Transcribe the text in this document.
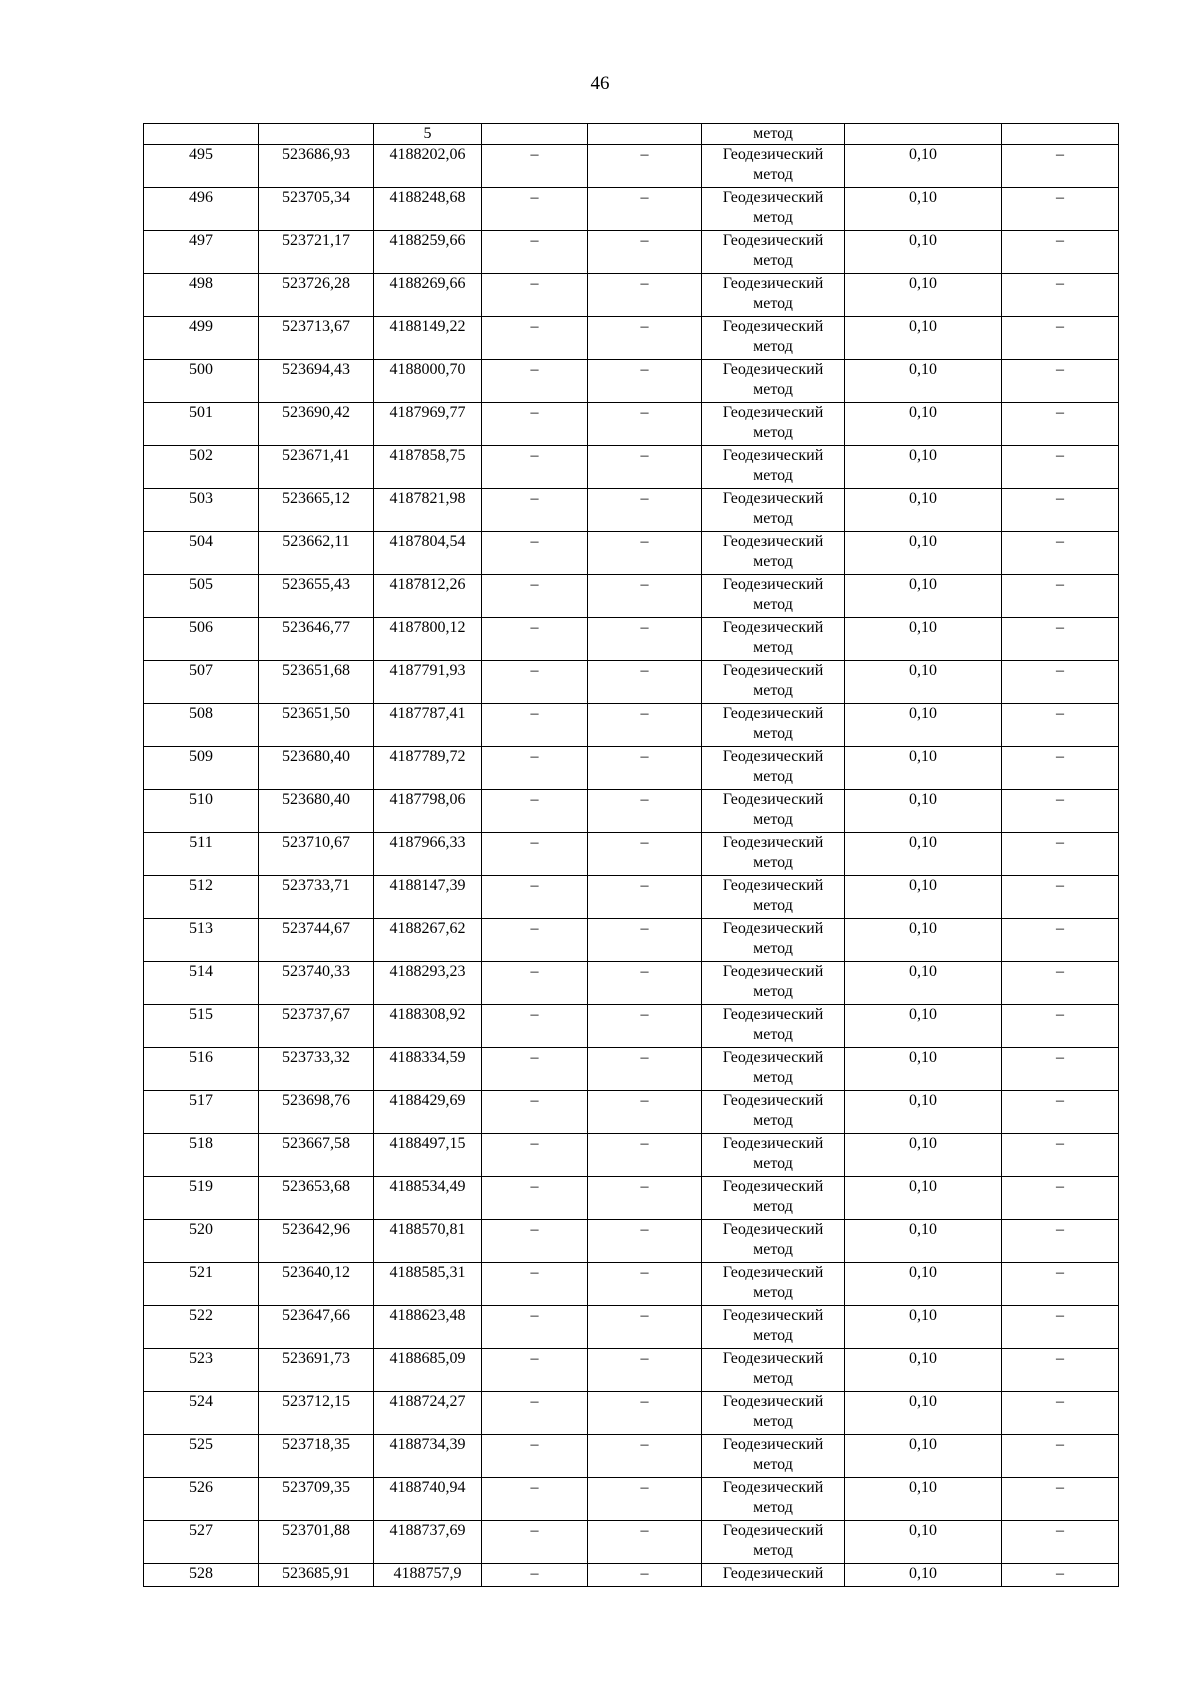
46
		5			метод		
495	523686,93	4188202,06	–	–	Геодезический метод	0,10	–
496	523705,34	4188248,68	–	–	Геодезический метод	0,10	–
497	523721,17	4188259,66	–	–	Геодезический метод	0,10	–
498	523726,28	4188269,66	–	–	Геодезический метод	0,10	–
499	523713,67	4188149,22	–	–	Геодезический метод	0,10	–
500	523694,43	4188000,70	–	–	Геодезический метод	0,10	–
501	523690,42	4187969,77	–	–	Геодезический метод	0,10	–
502	523671,41	4187858,75	–	–	Геодезический метод	0,10	–
503	523665,12	4187821,98	–	–	Геодезический метод	0,10	–
504	523662,11	4187804,54	–	–	Геодезический метод	0,10	–
505	523655,43	4187812,26	–	–	Геодезический метод	0,10	–
506	523646,77	4187800,12	–	–	Геодезический метод	0,10	–
507	523651,68	4187791,93	–	–	Геодезический метод	0,10	–
508	523651,50	4187787,41	–	–	Геодезический метод	0,10	–
509	523680,40	4187789,72	–	–	Геодезический метод	0,10	–
510	523680,40	4187798,06	–	–	Геодезический метод	0,10	–
511	523710,67	4187966,33	–	–	Геодезический метод	0,10	–
512	523733,71	4188147,39	–	–	Геодезический метод	0,10	–
513	523744,67	4188267,62	–	–	Геодезический метод	0,10	–
514	523740,33	4188293,23	–	–	Геодезический метод	0,10	–
515	523737,67	4188308,92	–	–	Геодезический метод	0,10	–
516	523733,32	4188334,59	–	–	Геодезический метод	0,10	–
517	523698,76	4188429,69	–	–	Геодезический метод	0,10	–
518	523667,58	4188497,15	–	–	Геодезический метод	0,10	–
519	523653,68	4188534,49	–	–	Геодезический метод	0,10	–
520	523642,96	4188570,81	–	–	Геодезический метод	0,10	–
521	523640,12	4188585,31	–	–	Геодезический метод	0,10	–
522	523647,66	4188623,48	–	–	Геодезический метод	0,10	–
523	523691,73	4188685,09	–	–	Геодезический метод	0,10	–
524	523712,15	4188724,27	–	–	Геодезический метод	0,10	–
525	523718,35	4188734,39	–	–	Геодезический метод	0,10	–
526	523709,35	4188740,94	–	–	Геодезический метод	0,10	–
527	523701,88	4188737,69	–	–	Геодезический метод	0,10	–
528	523685,91	4188757,9	–	–	Геодезический	0,10	–
